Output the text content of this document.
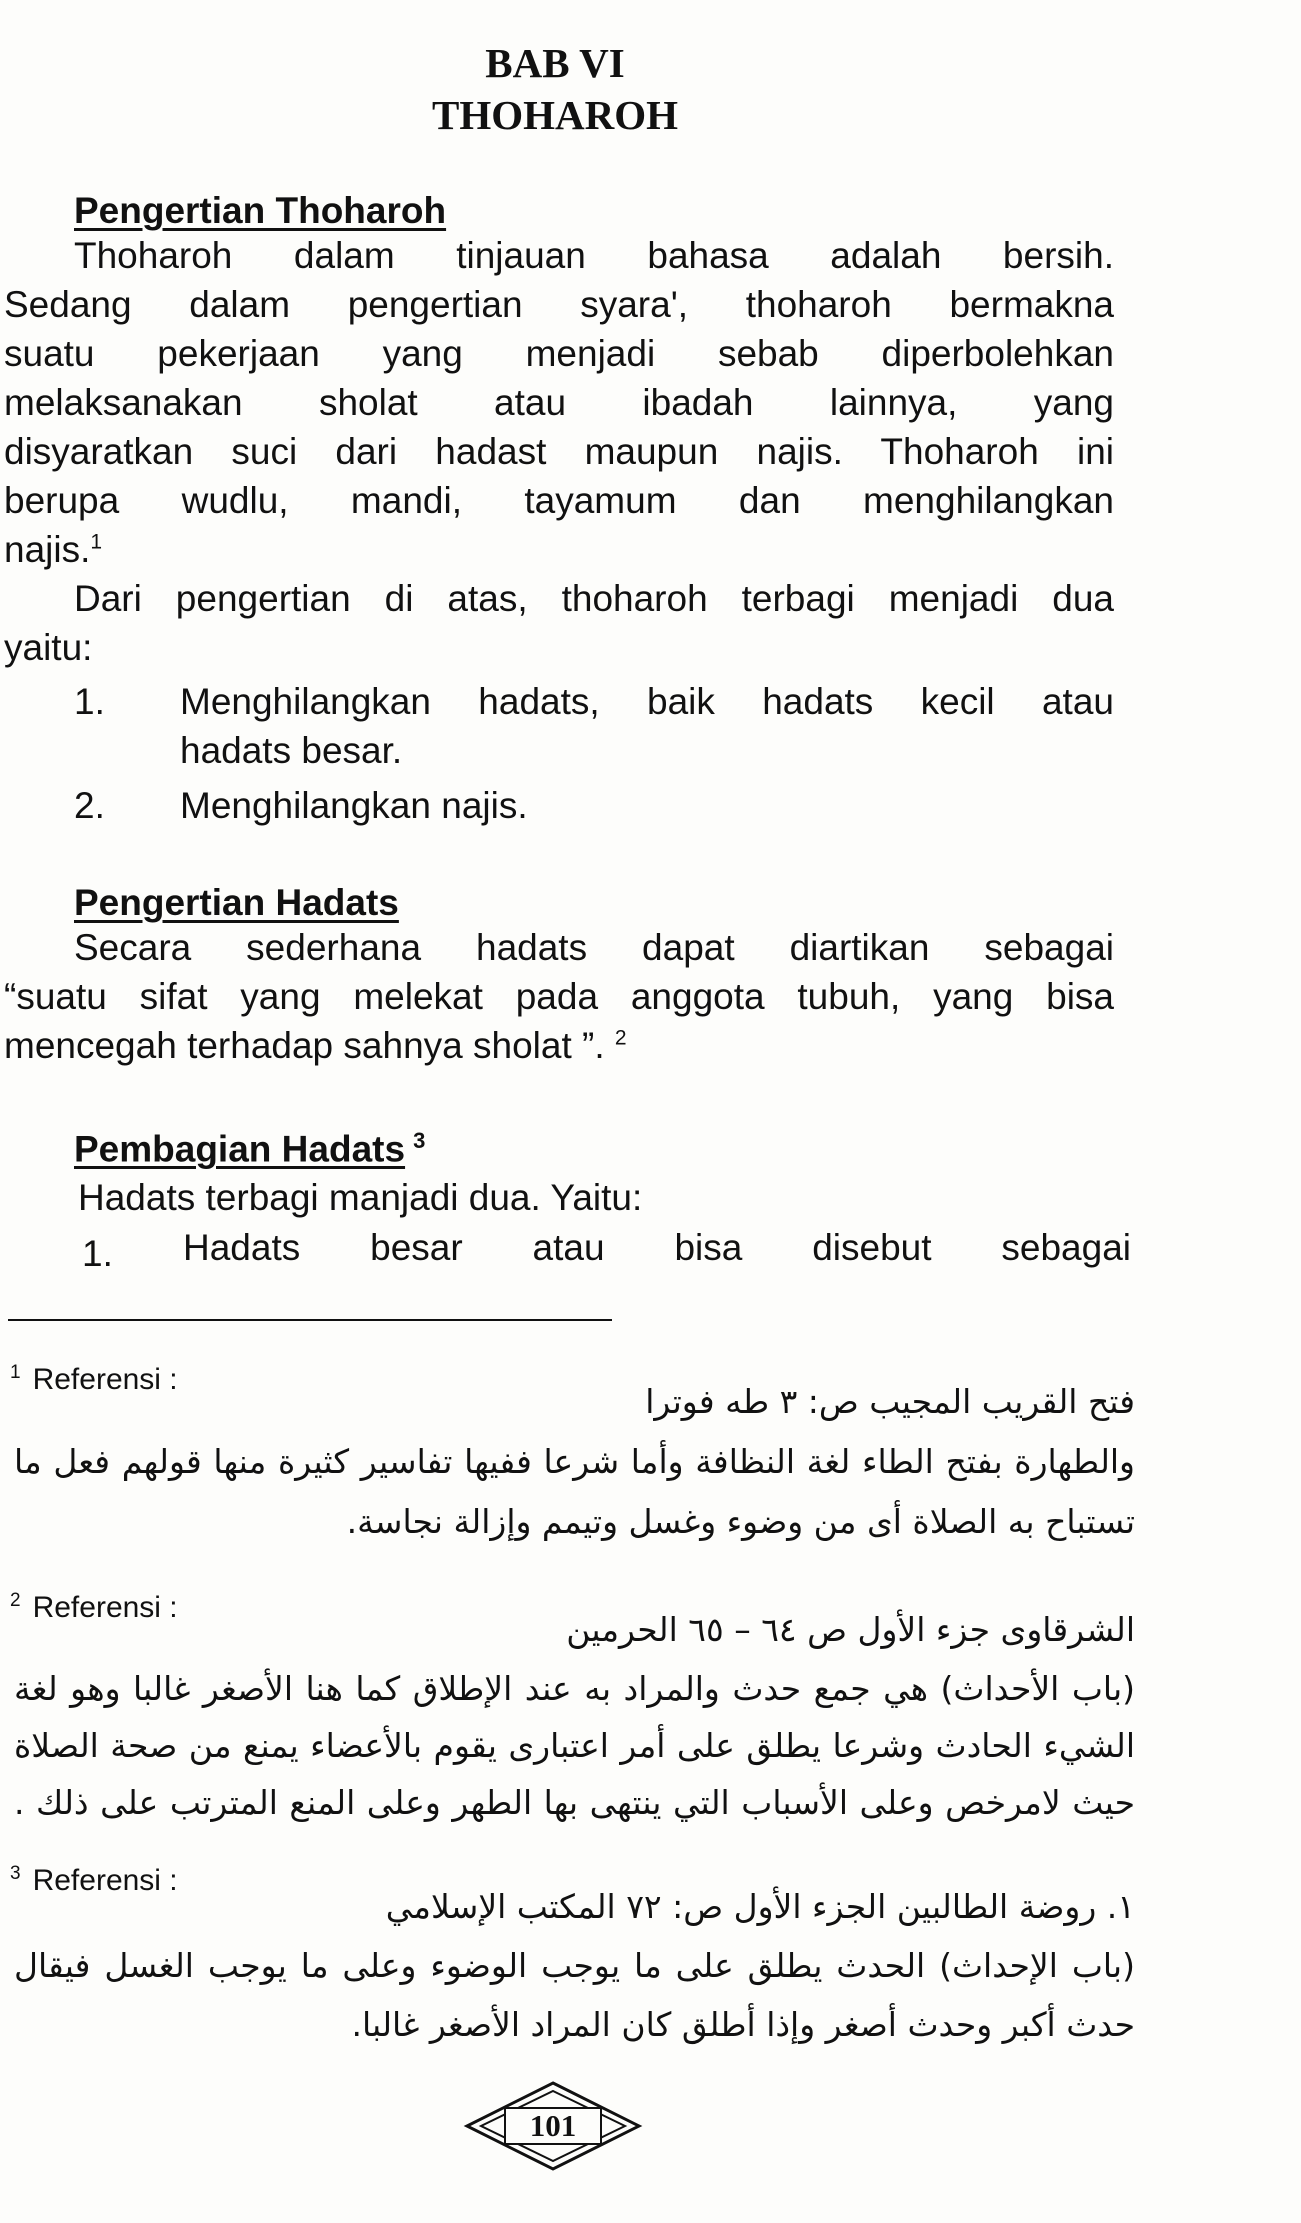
BAB VI
THOHAROH
Pengertian Thoharoh
Thoharoh dalam tinjauan bahasa adalah bersih.
Sedang dalam pengertian syara', thoharoh bermakna
suatu pekerjaan yang menjadi sebab diperbolehkan
melaksanakan sholat atau ibadah lainnya, yang
disyaratkan suci dari hadast maupun najis. Thoharoh ini
berupa wudlu, mandi, tayamum dan menghilangkan
najis.$^1$
Dari pengertian di atas, thoharoh terbagi menjadi dua
yaitu:
1. Menghilangkan hadats, baik hadats kecil atau
hadats besar.
2. Menghilangkan najis.
Pengertian Hadats
Secara sederhana hadats dapat diartikan sebagai
“suatu sifat yang melekat pada anggota tubuh, yang bisa
mencegah terhadap sahnya sholat ”. $^2$
Pembagian Hadats $^3$
Hadats terbagi manjadi dua. Yaitu:
1. Hadats besar atau bisa disebut sebagai
$^1$ Referensi :
فتح القريب المجيب ص: ٣ طه فوترا
والطهارة بفتح الطاء لغة النظافة وأما شرعا ففيها تفاسير كثيرة منها قولهم فعل ما
تستباح به الصلاة أى من وضوء وغسل وتيمم وإزالة نجاسة.
$^2$ Referensi :
الشرقاوى جزء الأول ص ٦٤ – ٦٥ الحرمين
(باب الأحداث) هي جمع حدث والمراد به عند الإطلاق كما هنا الأصغر غالبا وهو لغة
الشيء الحادث وشرعا يطلق على أمر اعتبارى يقوم بالأعضاء يمنع من صحة الصلاة
حيث لامرخص وعلى الأسباب التي ينتهى بها الطهر وعلى المنع المترتب على ذلك .
$^3$ Referensi :
١. روضة الطالبين الجزء الأول ص: ٧٢ المكتب الإسلامي
(باب الإحداث) الحدث يطلق على ما يوجب الوضوء وعلى ما يوجب الغسل فيقال
حدث أكبر وحدث أصغر وإذا أطلق كان المراد الأصغر غالبا.
101
